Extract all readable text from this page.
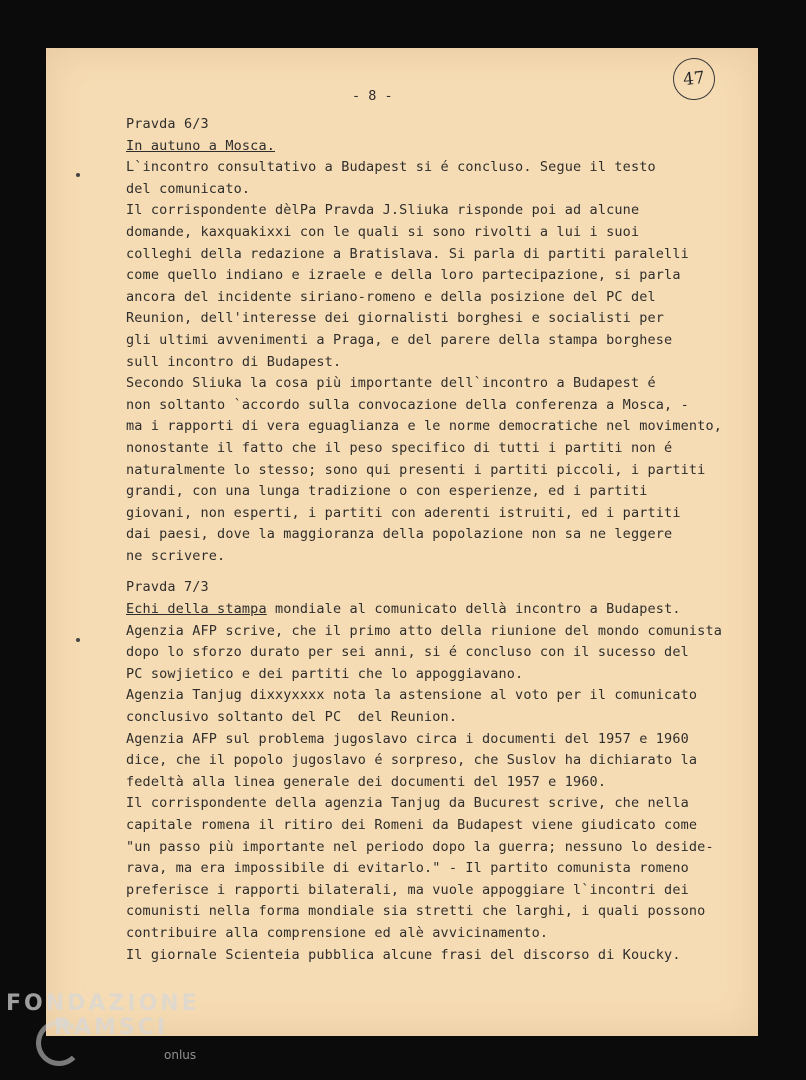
- 8 -
47
Pravda 6/3
In autuno a Mosca.
L`incontro consultativo a Budapest si é concluso. Segue il testo
del comunicato.
Il corrispondente dèlPa Pravda J.Sliuka risponde poi ad alcune
domande, kaxquakixxi con le quali si sono rivolti a lui i suoi
colleghi della redazione a Bratislava. Si parla di partiti paralelli
come quello indiano e izraele e della loro partecipazione, si parla
ancora del incidente siriano-romeno e della posizione del PC del
Reunion, dell'interesse dei giornalisti borghesi e socialisti per
gli ultimi avvenimenti a Praga, e del parere della stampa borghese
sull incontro di Budapest.
Secondo Sliuka la cosa più importante dell`incontro a Budapest é
non soltanto `accordo sulla convocazione della conferenza a Mosca, -
ma i rapporti di vera eguaglianza e le norme democratiche nel movimento,
nonostante il fatto che il peso specifico di tutti i partiti non é
naturalmente lo stesso; sono qui presenti i partiti piccoli, i partiti
grandi, con una lunga tradizione o con esperienze, ed i partiti
giovani, non esperti, i partiti con aderenti istruiti, ed i partiti
dai paesi, dove la maggioranza della popolazione non sa ne leggere
ne scrivere.
Pravda 7/3
Echi della stampa mondiale al comunicato dellà incontro a Budapest.
Agenzia AFP scrive, che il primo atto della riunione del mondo comunista
dopo lo sforzo durato per sei anni, si é concluso con il sucesso del
PC sowjietico e dei partiti che lo appoggiavano.
Agenzia Tanjug dixxyxxxx nota la astensione al voto per il comunicato
conclusivo soltanto del PC  del Reunion.
Agenzia AFP sul problema jugoslavo circa i documenti del 1957 e 1960
dice, che il popolo jugoslavo é sorpreso, che Suslov ha dichiarato la
fedeltà alla linea generale dei documenti del 1957 e 1960.
Il corrispondente della agenzia Tanjug da Bucurest scrive, che nella
capitale romena il ritiro dei Romeni da Budapest viene giudicato come
"un passo più importante nel periodo dopo la guerra; nessuno lo deside-
rava, ma era impossibile di evitarlo." - Il partito comunista romeno
preferisce i rapporti bilaterali, ma vuole appoggiare l`incontri dei
comunisti nella forma mondiale sia stretti che larghi, i quali possono
contribuire alla comprensione ed alè avvicinamento.
Il giornale Scienteia pubblica alcune frasi del discorso di Koucky.
FONDAZIONE
RAMSCI
onlus
